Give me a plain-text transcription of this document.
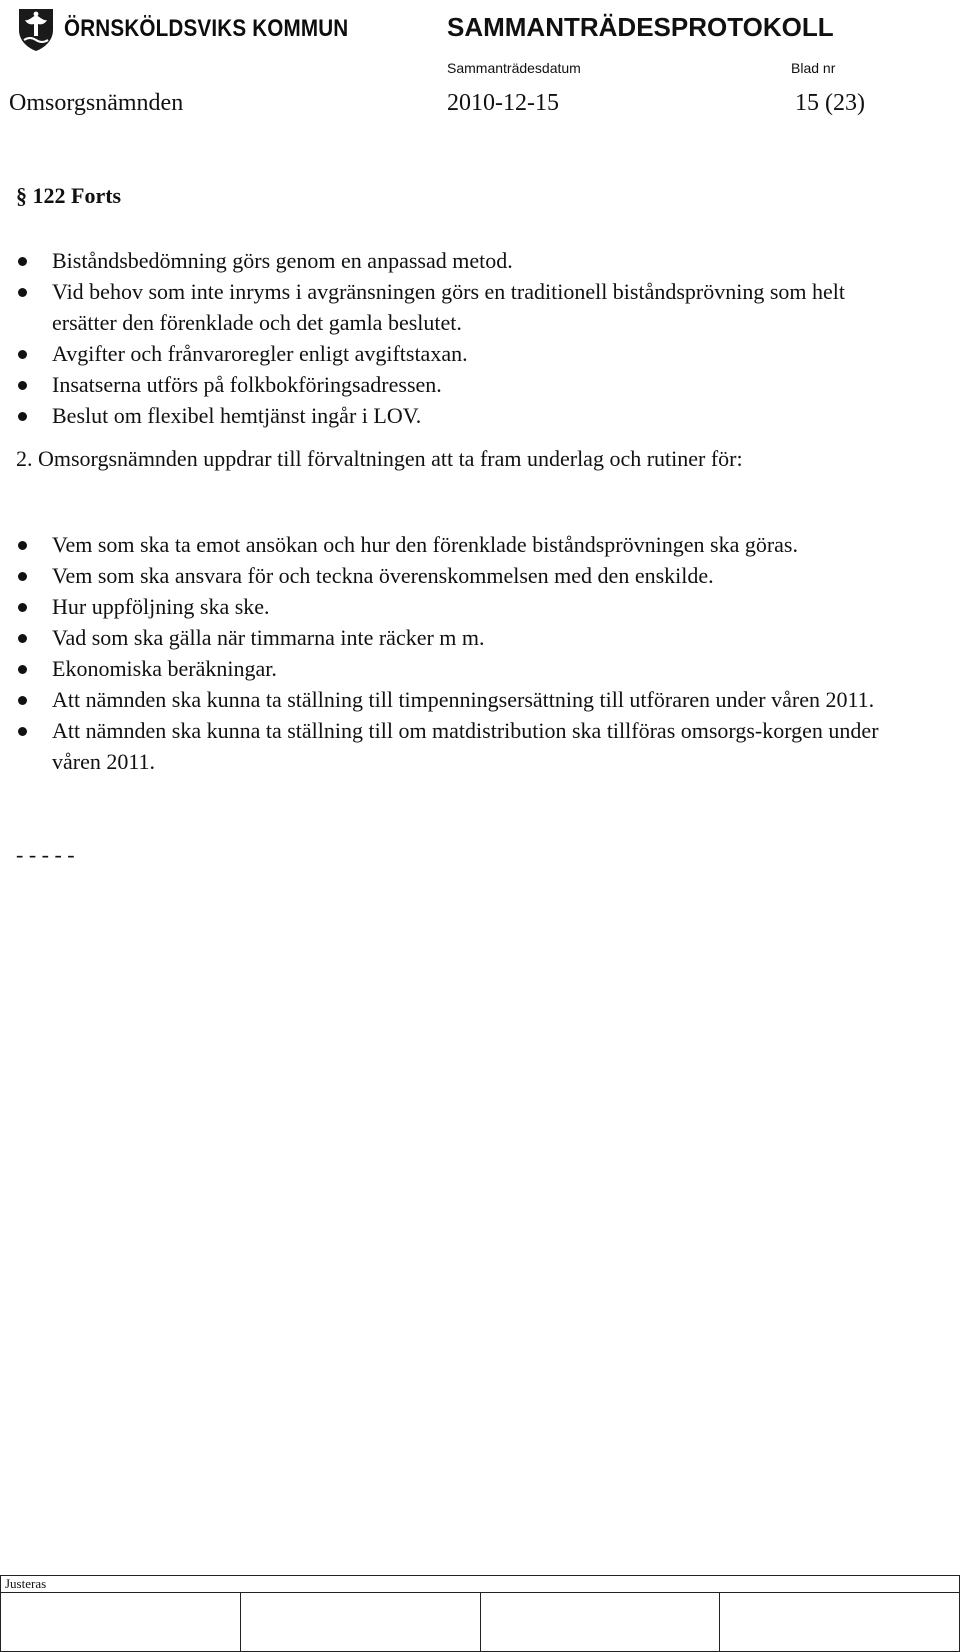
ÖRNSKÖLDSVIKS KOMMUN	SAMMANTRÄDESPROTOKOLL
Sammanträdesdatum	Blad nr
Omsorgsnämnden	2010-12-15	15 (23)
§ 122 Forts
Biståndsbedömning görs genom en anpassad metod.
Vid behov som inte inryms i avgränsningen görs en traditionell biståndsprövning som helt ersätter den förenklade och det gamla beslutet.
Avgifter och frånvaroregler enligt avgiftstaxan.
Insatserna utförs på folkbokföringsadressen.
Beslut om flexibel hemtjänst ingår i LOV.
2. Omsorgsnämnden uppdrar till förvaltningen att ta fram underlag och rutiner för:
Vem som ska ta emot ansökan och hur den förenklade biståndsprövningen ska göras.
Vem som ska ansvara för och teckna överenskommelsen med den enskilde.
Hur uppföljning ska ske.
Vad som ska gälla när timmarna inte räcker m m.
Ekonomiska beräkningar.
Att nämnden ska kunna ta ställning till timpenningsersättning till utföraren under våren 2011.
Att nämnden ska kunna ta ställning till om matdistribution ska tillföras omsorgs-korgen under våren 2011.
- - - - -
Justeras
